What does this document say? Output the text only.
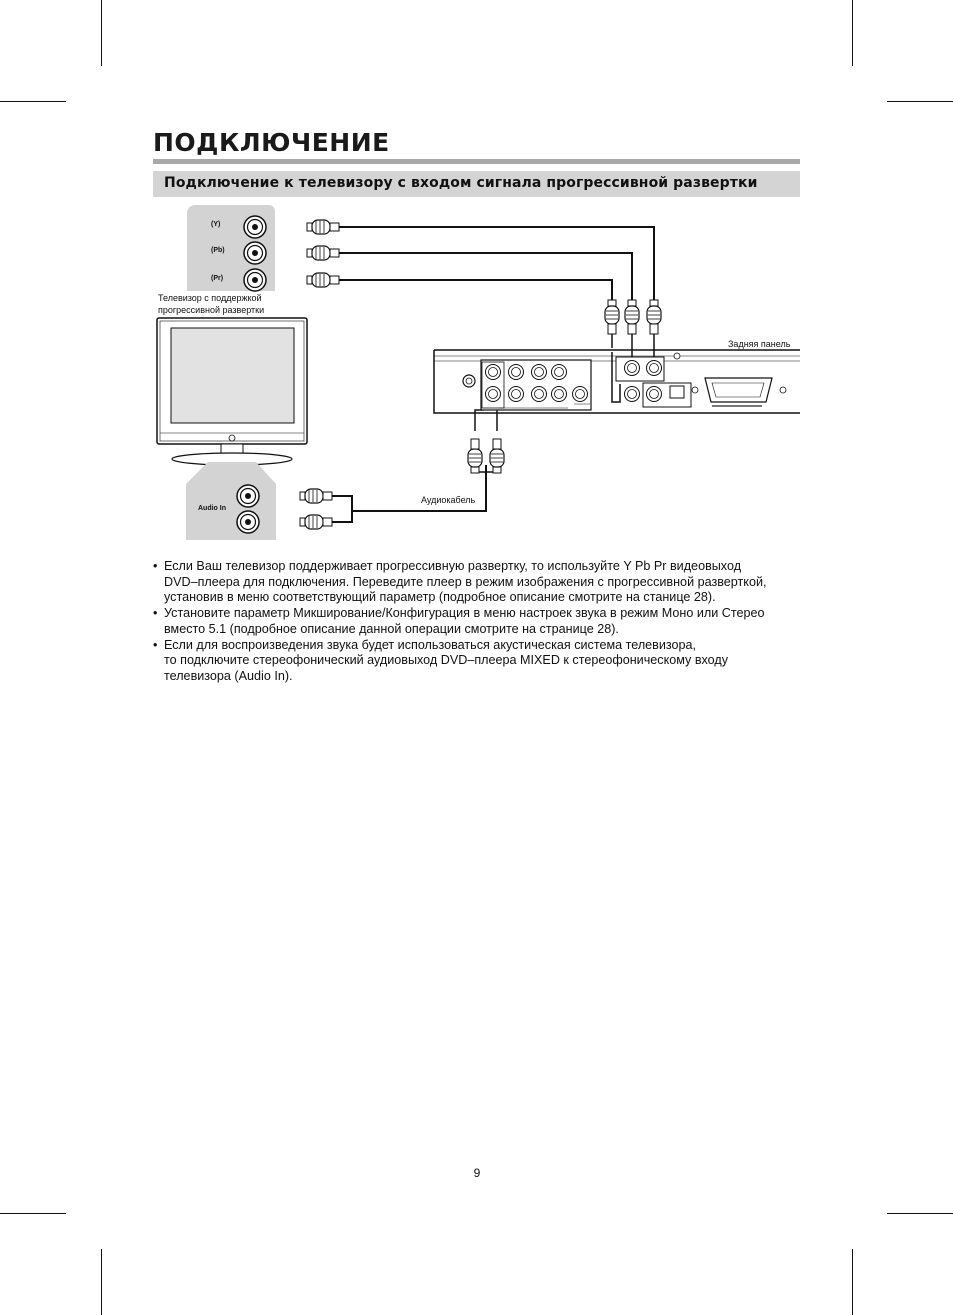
ПОДКЛЮЧЕНИЕ
Подключение к телевизору с входом сигнала прогрессивной развертки
(Y)
(Pb)
(Pr)
Audio In
Телевизор с поддержкой
прогрессивной развертки
Задняя панель
Аудиокабель
• Если Ваш телевизор поддерживает прогрессивную развертку, то используйте Y Pb Pr видеовыход
DVD–плеера для подключения. Переведите плеер в режим изображения с прогрессивной разверткой,
установив в меню соответствующий параметр (подробное описание смотрите на станице 28).
• Установите параметр Микширование/Конфигурация в меню настроек звука в режим Моно или Стерео
вместо 5.1 (подробное описание данной операции смотрите на странице 28).
• Если для воспроизведения звука будет использоваться акустическая система телевизора,
то подключите стереофонический аудиовыход DVD–плеера MIXED к стереофоническому входу
телевизора (Audio In).
9
